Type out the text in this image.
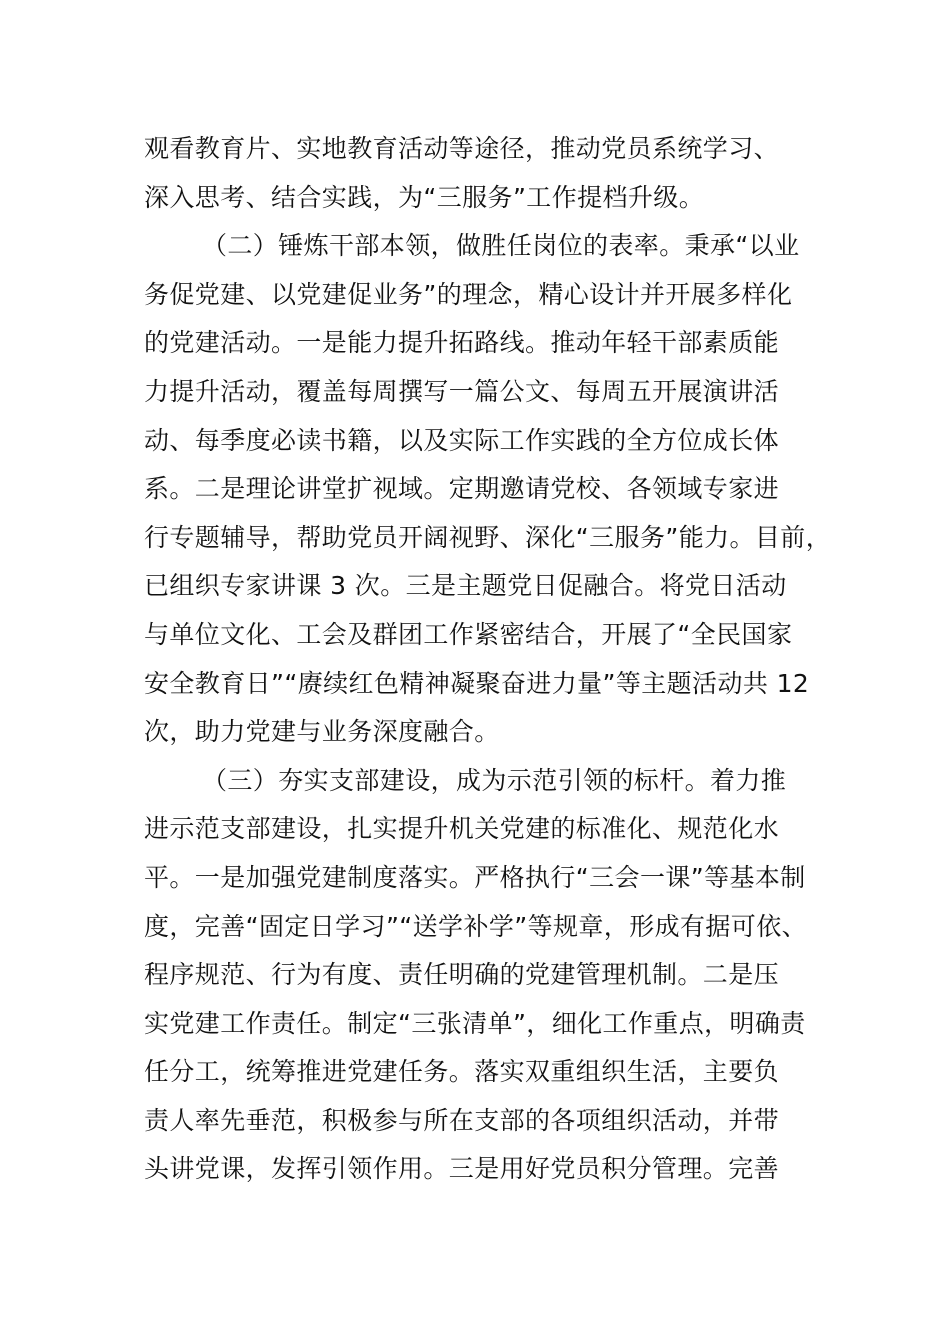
观看教育片、实地教育活动等途径，推动党员系统学习、
深入思考、结合实践，为“三服务”工作提档升级。
（二）锤炼干部本领，做胜任岗位的表率。秉承“以业
务促党建、以党建促业务”的理念，精心设计并开展多样化
的党建活动。一是能力提升拓路线。推动年轻干部素质能
力提升活动，覆盖每周撰写一篇公文、每周五开展演讲活
动、每季度必读书籍，以及实际工作实践的全方位成长体
系。二是理论讲堂扩视域。定期邀请党校、各领域专家进
行专题辅导，帮助党员开阔视野、深化“三服务”能力。目前，
已组织专家讲课 3 次。三是主题党日促融合。将党日活动
与单位文化、工会及群团工作紧密结合，开展了“全民国家
安全教育日”“赓续红色精神凝聚奋进力量”等主题活动共 12
次，助力党建与业务深度融合。
（三）夯实支部建设，成为示范引领的标杆。着力推
进示范支部建设，扎实提升机关党建的标准化、规范化水
平。一是加强党建制度落实。严格执行“三会一课”等基本制
度，完善“固定日学习”“送学补学”等规章，形成有据可依、
程序规范、行为有度、责任明确的党建管理机制。二是压
实党建工作责任。制定“三张清单”，细化工作重点，明确责
任分工，统筹推进党建任务。落实双重组织生活，主要负
责人率先垂范，积极参与所在支部的各项组织活动，并带
头讲党课，发挥引领作用。三是用好党员积分管理。完善
